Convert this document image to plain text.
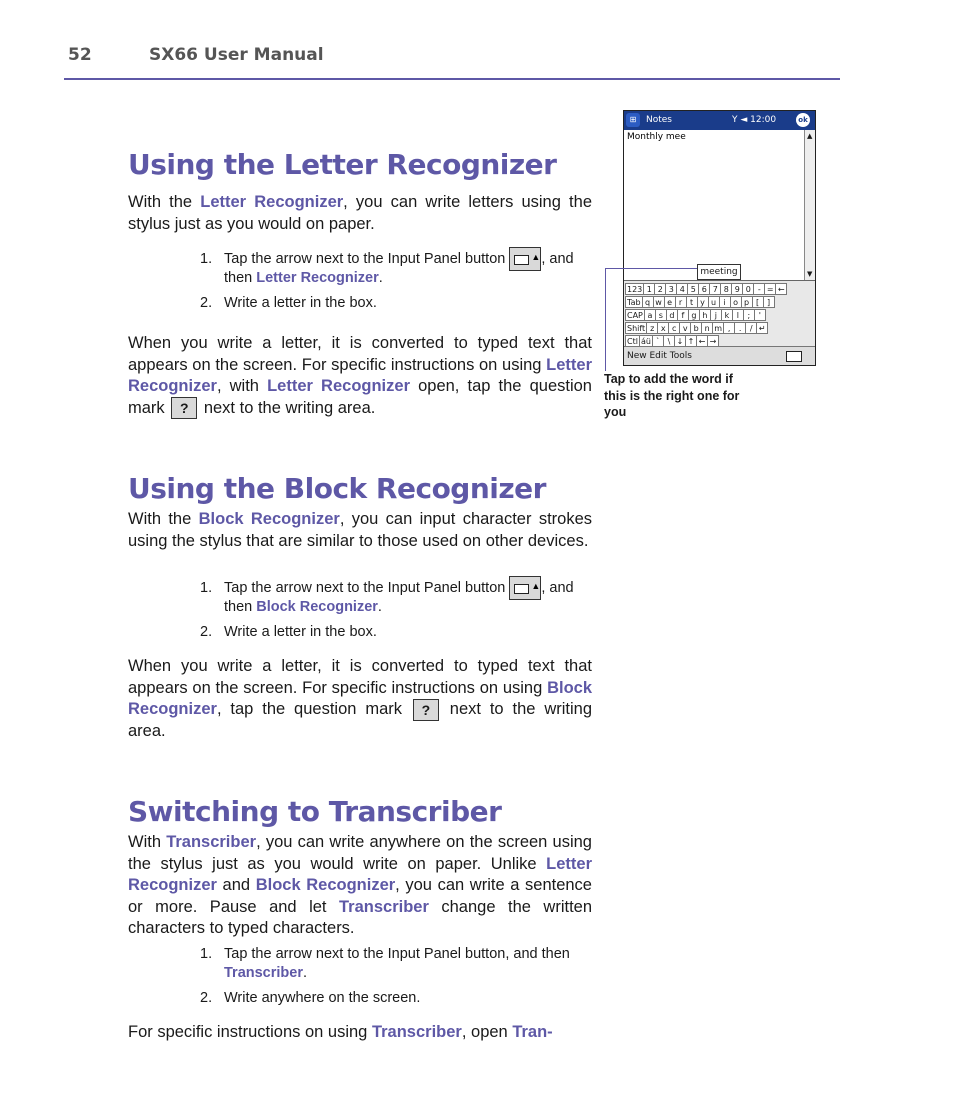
52	SX66 User Manual
Using the Letter Recognizer

With the Letter Recognizer, you can write letters using the stylus just as you would on paper.

1. Tap the arrow next to the Input Panel button ▲ , and then Letter Recognizer.
2. Write a letter in the box.

When you write a letter, it is converted to typed text that appears on the screen. For specific instructions on using Letter Recognizer, with Letter Recognizer open, tap the question mark ? next to the writing area.

Using the Block Recognizer

With the Block Recognizer, you can input character strokes using the stylus that are similar to those used on other devices.

1. Tap the arrow next to the Input Panel button ▲ , and then Block Recognizer.
2. Write a letter in the box.

When you write a letter, it is converted to typed text that appears on the screen. For specific instructions on using Block Recognizer, tap the question mark ? next to the writing area.

Switching to Transcriber

With Transcriber, you can write anywhere on the screen using the stylus just as you would write on paper. Unlike Letter Recognizer and Block Recognizer, you can write a sentence or more. Pause and let Transcriber change the written characters to typed characters.

1. Tap the arrow next to the Input Panel button, and then Transcriber.
2. Write anywhere on the screen.

For specific instructions on using Transcriber, open Tran-

⊞	Notes	Y ◄ 12:00	ok
Monthly mee	▲
▼
meeting
123 1 2 3 4 5 6 7 8 9 0 - = ←
Tab q w e r t y u i o p [ ]
CAP a s d f g h j k l ; '
Shift z x c v b n m , . / ↵
Ctl áü ` \ ↓ ↑ ← →
New Edit Tools
Tap to add the word if this is the right one for you
